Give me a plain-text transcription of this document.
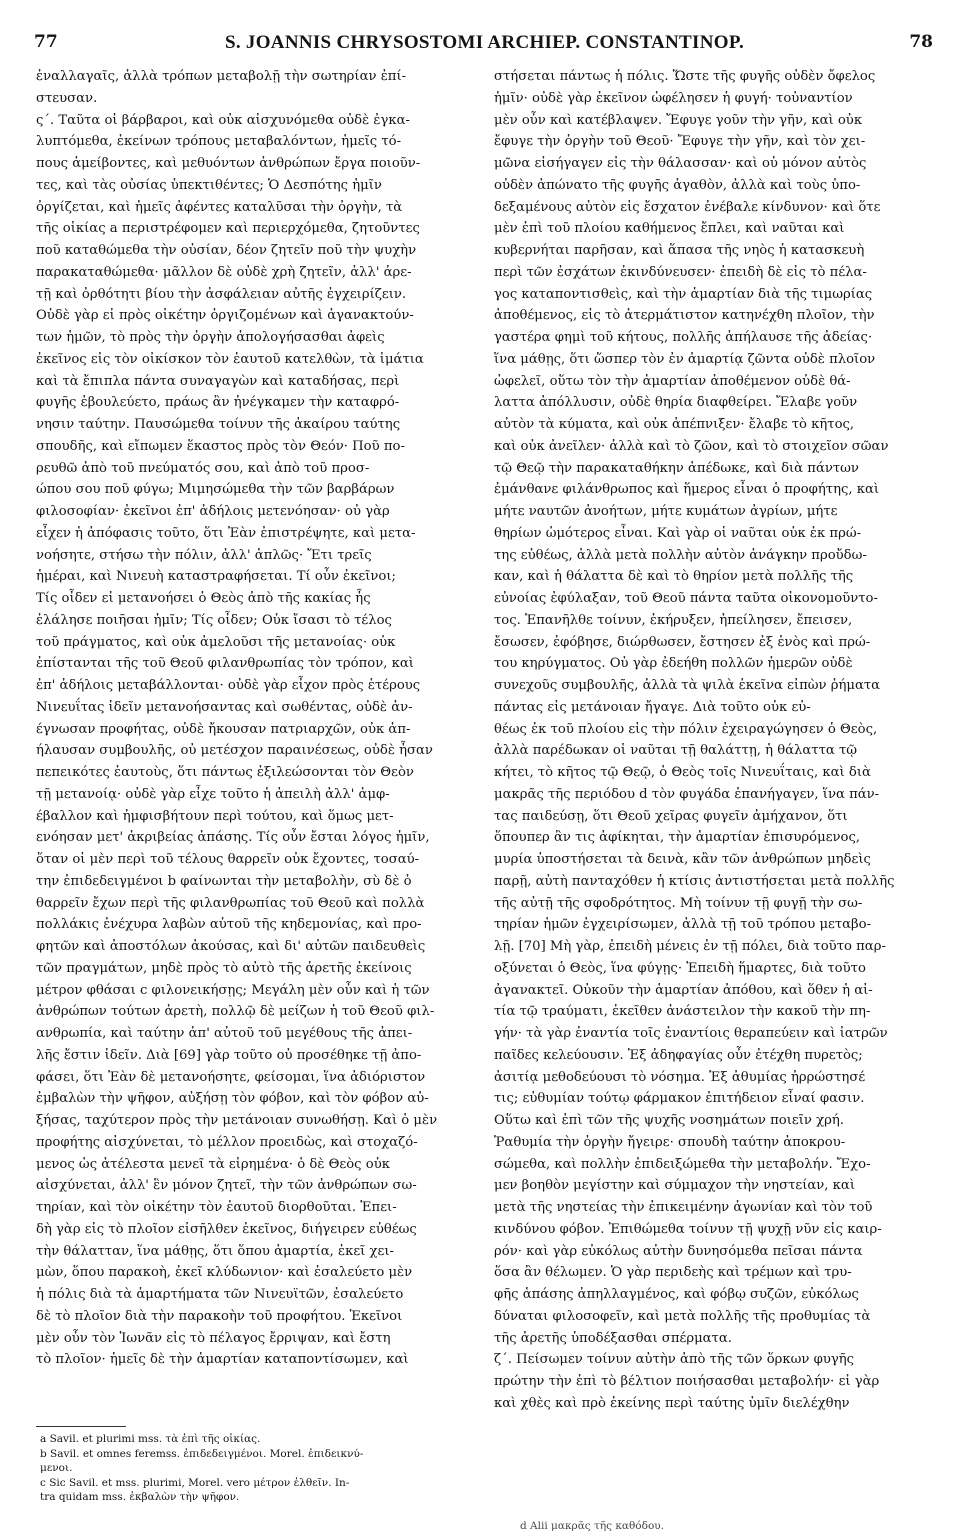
77	S. JOANNIS CHRYSOSTOMI ARCHIEP. CONSTANTINOP.	78
ἐναλλαγαῖς, ἀλλὰ τρόπων μεταβολῇ τὴν σωτηρίαν ἐπί-
στευσαν.
ς΄. Ταῦτα οἱ βάρβαροι, καὶ οὐκ αἰσχυνόμεθα οὐδὲ ἐγκα-
λυπτόμεθα, ἐκείνων τρόπους μεταβαλόντων, ἡμεῖς τό-
πους ἀμείβοντες, καὶ μεθυόντων ἀνθρώπων ἔργα ποιοῦν-
τες, καὶ τὰς οὐσίας ὑπεκτιθέντες; Ὁ Δεσπότης ἡμῖν
ὀργίζεται, καὶ ἡμεῖς ἀφέντες καταλῦσαι τὴν ὀργὴν, τὰ
τῆς οἰκίας a περιστρέφομεν καὶ περιερχόμεθα, ζητοῦντες
ποῦ καταθώμεθα τὴν οὐσίαν, δέον ζητεῖν ποῦ τὴν ψυχὴν
παρακαταθώμεθα· μᾶλλον δὲ οὐδὲ χρὴ ζητεῖν, ἀλλ' ἀρε-
τῇ καὶ ὀρθότητι βίου τὴν ἀσφάλειαν αὐτῆς ἐγχειρίζειν.
Οὐδὲ γὰρ εἰ πρὸς οἰκέτην ὀργιζομένων καὶ ἀγανακτούν-
των ἡμῶν, τὸ πρὸς τὴν ὀργὴν ἀπολογήσασθαι ἀφεὶς
ἐκεῖνος εἰς τὸν οἰκίσκον τὸν ἑαυτοῦ κατελθὼν, τὰ ἱμάτια
καὶ τὰ ἔπιπλα πάντα συναγαγὼν καὶ καταδήσας, περὶ
φυγῆς ἐβουλεύετο, πράως ἂν ἠνέγκαμεν τὴν καταφρό-
νησιν ταύτην. Παυσώμεθα τοίνυν τῆς ἀκαίρου ταύτης
σπουδῆς, καὶ εἴπωμεν ἕκαστος πρὸς τὸν Θεόν· Ποῦ πο-
ρευθῶ ἀπὸ τοῦ πνεύματός σου, καὶ ἀπὸ τοῦ προσ-
ώπου σου ποῦ φύγω; Μιμησώμεθα τὴν τῶν βαρβάρων
φιλοσοφίαν· ἐκεῖνοι ἐπ' ἀδήλοις μετενόησαν· οὐ γὰρ
εἶχεν ἡ ἀπόφασις τοῦτο, ὅτι Ἐὰν ἐπιστρέψητε, καὶ μετα-
νοήσητε, στήσω τὴν πόλιν, ἀλλ' ἁπλῶς· Ἔτι τρεῖς
ἡμέραι, καὶ Νινευὴ καταστραφήσεται. Τί οὖν ἐκεῖνοι;
Τίς οἶδεν εἰ μετανοήσει ὁ Θεὸς ἀπὸ τῆς κακίας ἧς
ἐλάλησε ποιῆσαι ἡμῖν; Τίς οἶδεν; Οὐκ ἴσασι τὸ τέλος
τοῦ πράγματος, καὶ οὐκ ἀμελοῦσι τῆς μετανοίας· οὐκ
ἐπίστανται τῆς τοῦ Θεοῦ φιλανθρωπίας τὸν τρόπον, καὶ
ἐπ' ἀδήλοις μεταβάλλονται· οὐδὲ γὰρ εἶχον πρὸς ἑτέρους
Νινευΐτας ἰδεῖν μετανοήσαντας καὶ σωθέντας, οὐδὲ ἀν-
έγνωσαν προφήτας, οὐδὲ ἤκουσαν πατριαρχῶν, οὐκ ἀπ-
ήλαυσαν συμβουλῆς, οὐ μετέσχον παραινέσεως, οὐδὲ ἦσαν
πεπεικότες ἑαυτοὺς, ὅτι πάντως ἐξιλεώσονται τὸν Θεὸν
τῇ μετανοίᾳ· οὐδὲ γὰρ εἶχε τοῦτο ἡ ἀπειλὴ ἀλλ' ἀμφ-
έβαλλον καὶ ἠμφισβήτουν περὶ τούτου, καὶ ὅμως μετ-
ενόησαν μετ' ἀκριβείας ἁπάσης. Τίς οὖν ἔσται λόγος ἡμῖν,
ὅταν οἱ μὲν περὶ τοῦ τέλους θαρρεῖν οὐκ ἔχοντες, τοσαύ-
την ἐπιδεδειγμένοι b φαίνωνται τὴν μεταβολὴν, σὺ δὲ ὁ
θαρρεῖν ἔχων περὶ τῆς φιλανθρωπίας τοῦ Θεοῦ καὶ πολλὰ
πολλάκις ἐνέχυρα λαβὼν αὐτοῦ τῆς κηδεμονίας, καὶ προ-
φητῶν καὶ ἀποστόλων ἀκούσας, καὶ δι' αὐτῶν παιδευθεὶς
τῶν πραγμάτων, μηδὲ πρὸς τὸ αὐτὸ τῆς ἀρετῆς ἐκείνοις
μέτρον φθάσαι c φιλονεικήσῃς; Μεγάλη μὲν οὖν καὶ ἡ τῶν
ἀνθρώπων τούτων ἀρετὴ, πολλῷ δὲ μείζων ἡ τοῦ Θεοῦ φιλ-
ανθρωπία, καὶ ταύτην ἀπ' αὐτοῦ τοῦ μεγέθους τῆς ἀπει-
λῆς ἔστιν ἰδεῖν. Διὰ [69] γὰρ τοῦτο οὐ προσέθηκε τῇ ἀπο-
φάσει, ὅτι Ἐὰν δὲ μετανοήσητε, φείσομαι, ἵνα ἀδιόριστον
ἐμβαλὼν τὴν ψῆφον, αὐξήσῃ τὸν φόβον, καὶ τὸν φόβον αὐ-
ξήσας, ταχύτερον πρὸς τὴν μετάνοιαν συνωθήσῃ. Καὶ ὁ μὲν
προφήτης αἰσχύνεται, τὸ μέλλον προειδὼς, καὶ στοχαζό-
μενος ὡς ἀτέλεστα μενεῖ τὰ εἰρημένα· ὁ δὲ Θεὸς οὐκ
αἰσχύνεται, ἀλλ' ἓν μόνον ζητεῖ, τὴν τῶν ἀνθρώπων σω-
τηρίαν, καὶ τὸν οἰκέτην τὸν ἑαυτοῦ διορθοῦται. Ἐπει-
δὴ γὰρ εἰς τὸ πλοῖον εἰσῆλθεν ἐκεῖνος, διήγειρεν εὐθέως
τὴν θάλατταν, ἵνα μάθῃς, ὅτι ὅπου ἁμαρτία, ἐκεῖ χει-
μὼν, ὅπου παρακοὴ, ἐκεῖ κλύδωνιον· καὶ ἐσαλεύετο μὲν
ἡ πόλις διὰ τὰ ἁμαρτήματα τῶν Νινευϊτῶν, ἐσαλεύετο
δὲ τὸ πλοῖον διὰ τὴν παρακοὴν τοῦ προφήτου. Ἐκεῖνοι
μὲν οὖν τὸν Ἰωνᾶν εἰς τὸ πέλαγος ἔρριψαν, καὶ ἔστη
τὸ πλοῖον· ἡμεῖς δὲ τὴν ἁμαρτίαν καταποντίσωμεν, καὶ
στήσεται πάντως ἡ πόλις. Ὥστε τῆς φυγῆς οὐδὲν ὄφελος
ἡμῖν· οὐδὲ γὰρ ἐκεῖνον ὠφέλησεν ἡ φυγή· τοὐναντίον
μὲν οὖν καὶ κατέβλαψεν. Ἔφυγε γοῦν τὴν γῆν, καὶ οὐκ
ἔφυγε τὴν ὀργὴν τοῦ Θεοῦ· Ἔφυγε τὴν γῆν, καὶ τὸν χει-
μῶνα εἰσήγαγεν εἰς τὴν θάλασσαν· καὶ οὐ μόνον αὐτὸς
οὐδὲν ἀπώνατο τῆς φυγῆς ἀγαθὸν, ἀλλὰ καὶ τοὺς ὑπο-
δεξαμένους αὐτὸν εἰς ἔσχατον ἐνέβαλε κίνδυνον· καὶ ὅτε
μὲν ἐπὶ τοῦ πλοίου καθήμενος ἔπλει, καὶ ναῦται καὶ
κυβερνήται παρῆσαν, καὶ ἅπασα τῆς νηὸς ἡ κατασκευὴ
περὶ τῶν ἐσχάτων ἐκινδύνευσεν· ἐπειδὴ δὲ εἰς τὸ πέλα-
γος καταποντισθεὶς, καὶ τὴν ἁμαρτίαν διὰ τῆς τιμωρίας
ἀποθέμενος, εἰς τὸ ἀτερμάτιστον κατηνέχθη πλοῖον, τὴν
γαστέρα φημὶ τοῦ κήτους, πολλῆς ἀπήλαυσε τῆς ἀδείας·
ἵνα μάθῃς, ὅτι ὥσπερ τὸν ἐν ἁμαρτίᾳ ζῶντα οὐδὲ πλοῖον
ὠφελεῖ, οὕτω τὸν τὴν ἁμαρτίαν ἀποθέμενον οὐδὲ θά-
λαττα ἀπόλλυσιν, οὐδὲ θηρία διαφθείρει. Ἔλαβε γοῦν
αὐτὸν τὰ κύματα, καὶ οὐκ ἀπέπνιξεν· ἔλαβε τὸ κῆτος,
καὶ οὐκ ἀνεῖλεν· ἀλλὰ καὶ τὸ ζῶον, καὶ τὸ στοιχεῖον σῶαν
τῷ Θεῷ τὴν παρακαταθήκην ἀπέδωκε, καὶ διὰ πάντων
ἐμάνθανε φιλάνθρωπος καὶ ἥμερος εἶναι ὁ προφήτης, καὶ
μήτε ναυτῶν ἀνοήτων, μήτε κυμάτων ἀγρίων, μήτε
θηρίων ὠμότερος εἶναι. Καὶ γὰρ οἱ ναῦται οὐκ ἐκ πρώ-
της εὐθέως, ἀλλὰ μετὰ πολλὴν αὐτὸν ἀνάγκην προὔδω-
καν, καὶ ἡ θάλαττα δὲ καὶ τὸ θηρίον μετὰ πολλῆς τῆς
εὐνοίας ἐφύλαξαν, τοῦ Θεοῦ πάντα ταῦτα οἰκονομοῦντο-
τος. Ἐπανῆλθε τοίνυν, ἐκήρυξεν, ἠπείλησεν, ἔπεισεν,
ἔσωσεν, ἐφόβησε, διώρθωσεν, ἔστησεν ἐξ ἑνὸς καὶ πρώ-
του κηρύγματος. Οὐ γὰρ ἐδεήθη πολλῶν ἡμερῶν οὐδὲ
συνεχοῦς συμβουλῆς, ἀλλὰ τὰ ψιλὰ ἐκεῖνα εἰπὼν ῥήματα
πάντας εἰς μετάνοιαν ἤγαγε. Διὰ τοῦτο οὐκ εὐ-
θέως ἐκ τοῦ πλοίου εἰς τὴν πόλιν ἐχειραγώγησεν ὁ Θεὸς,
ἀλλὰ παρέδωκαν οἱ ναῦται τῇ θαλάττῃ, ἡ θάλαττα τῷ
κήτει, τὸ κῆτος τῷ Θεῷ, ὁ Θεὸς τοῖς Νινευΐταις, καὶ διὰ
μακρᾶς τῆς περιόδου d τὸν φυγάδα ἐπανήγαγεν, ἵνα πάν-
τας παιδεύσῃ, ὅτι Θεοῦ χεῖρας φυγεῖν ἀμήχανον, ὅτι
ὅπουπερ ἂν τις ἀφίκηται, τὴν ἁμαρτίαν ἐπισυρόμενος,
μυρία ὑποστήσεται τὰ δεινὰ, κἂν τῶν ἀνθρώπων μηδεὶς
παρῇ, αὐτὴ πανταχόθεν ἡ κτίσις ἀντιστήσεται μετὰ πολλῆς
τῆς αὐτῇ τῆς σφοδρότητος. Μὴ τοίνυν τῇ φυγῇ τὴν σω-
τηρίαν ἡμῶν ἐγχειρίσωμεν, ἀλλὰ τῇ τοῦ τρόπου μεταβο-
λῇ. [70] Μὴ γὰρ, ἐπειδὴ μένεις ἐν τῇ πόλει, διὰ τοῦτο παρ-
οξύνεται ὁ Θεὸς, ἵνα φύγῃς· Ἐπειδὴ ἥμαρτες, διὰ τοῦτο
ἀγανακτεῖ. Οὐκοῦν τὴν ἁμαρτίαν ἀπόθου, καὶ ὅθεν ἡ αἰ-
τία τῷ τραύματι, ἐκεῖθεν ἀνάστειλον τὴν κακοῦ τὴν πη-
γήν· τὰ γὰρ ἐναντία τοῖς ἐναντίοις θεραπεύειν καὶ ἰατρῶν
παῖδες κελεύουσιν. Ἐξ ἀδηφαγίας οὖν ἐτέχθη πυρετὸς;
ἀσιτίᾳ μεθοδεύουσι τὸ νόσημα. Ἐξ ἀθυμίας ἠρρώστησέ
τις; εὐθυμίαν τούτῳ φάρμακον ἐπιτήδειον εἶναί φασιν.
Οὕτω καὶ ἐπὶ τῶν τῆς ψυχῆς νοσημάτων ποιεῖν χρή.
Ῥαθυμία τὴν ὀργὴν ἤγειρε· σπουδὴ ταύτην ἀποκρου-
σώμεθα, καὶ πολλὴν ἐπιδειξώμεθα τὴν μεταβολήν. Ἔχο-
μεν βοηθὸν μεγίστην καὶ σύμμαχον τὴν νηστείαν, καὶ
μετὰ τῆς νηστείας τὴν ἐπικειμένην ἀγωνίαν καὶ τὸν τοῦ
κινδύνου φόβον. Ἐπιθώμεθα τοίνυν τῇ ψυχῇ νῦν εἰς καιρ-
ρόν· καὶ γὰρ εὐκόλως αὐτὴν δυνησόμεθα πεῖσαι πάντα
ὅσα ἂν θέλωμεν. Ὁ γὰρ περιδεὴς καὶ τρέμων καὶ τρυ-
φῆς ἁπάσης ἀπηλλαγμένος, καὶ φόβῳ συζῶν, εὐκόλως
δύναται φιλοσοφεῖν, καὶ μετὰ πολλῆς τῆς προθυμίας τὰ
τῆς ἀρετῆς ὑποδέξασθαι σπέρματα.
ζ΄. Πείσωμεν τοίνυν αὐτὴν ἀπὸ τῆς τῶν ὅρκων φυγῆς
πρώτην τὴν ἐπὶ τὸ βέλτιον ποιήσασθαι μεταβολήν· εἰ γὰρ
καὶ χθὲς καὶ πρὸ ἐκείνης περὶ ταύτης ὑμῖν διελέχθην
a Savil. et plurimi mss. τὰ ἐπὶ τῆς οἰκίας.
b Savil. et omnes feremss. ἐπιδεδειγμένοι. Morel. ἐπιδεικνύ-
μενοι.
c Sic Savil. et mss. plurimi, Morel. vero μέτρον ἐλθεῖν. In-
tra quidam mss. ἐκβαλὼν τὴν ψῆφον.
d Alii μακρᾶς τῆς καθόδου.
